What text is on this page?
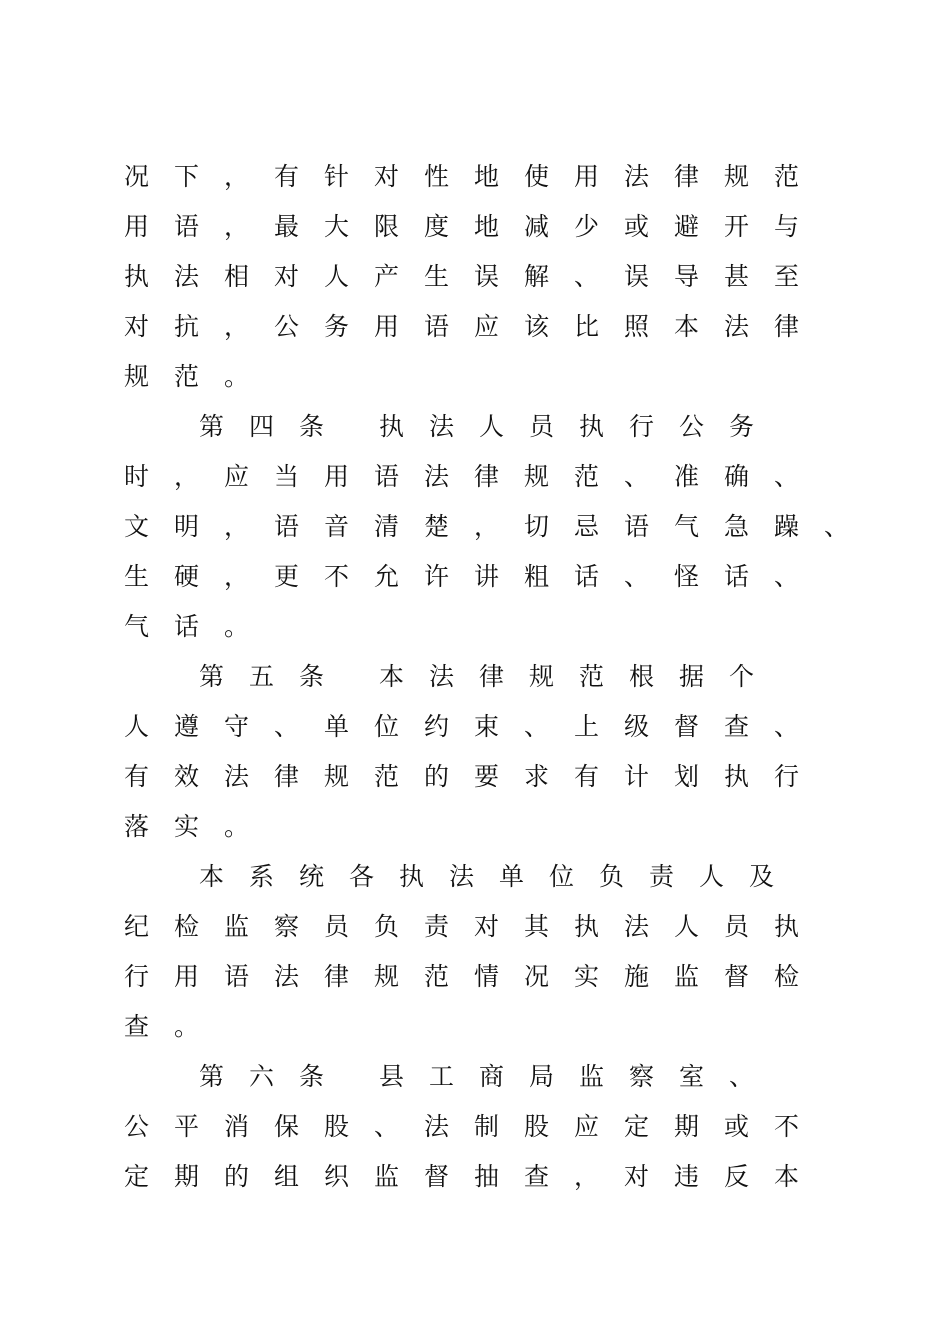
况 下 ， 有 针 对 性 地 使 用 法 律 规 范
用 语 ， 最 大 限 度 地 减 少 或 避 开 与
执 法 相 对 人 产 生 误 解 、 误 导 甚 至
对 抗 ， 公 务 用 语 应 该 比 照 本 法 律
规 范 。
第 四 条 执 法 人 员 执 行 公 务
时 ， 应 当 用 语 法 律 规 范 、 准 确 、
文 明 ， 语 音 清 楚 ， 切 忌 语 气 急 躁 、
生 硬 ， 更 不 允 许 讲 粗 话 、 怪 话 、
气 话 。
第 五 条 本 法 律 规 范 根 据 个
人 遵 守 、 单 位 约 束 、 上 级 督 查 、
有 效 法 律 规 范 的 要 求 有 计 划 执 行
落 实 。
本 系 统 各 执 法 单 位 负 责 人 及
纪 检 监 察 员 负 责 对 其 执 法 人 员 执
行 用 语 法 律 规 范 情 况 实 施 监 督 检
查 。
第 六 条 县 工 商 局 监 察 室 、
公 平 消 保 股 、 法 制 股 应 定 期 或 不
定 期 的 组 织 监 督 抽 查 ， 对 违 反 本
